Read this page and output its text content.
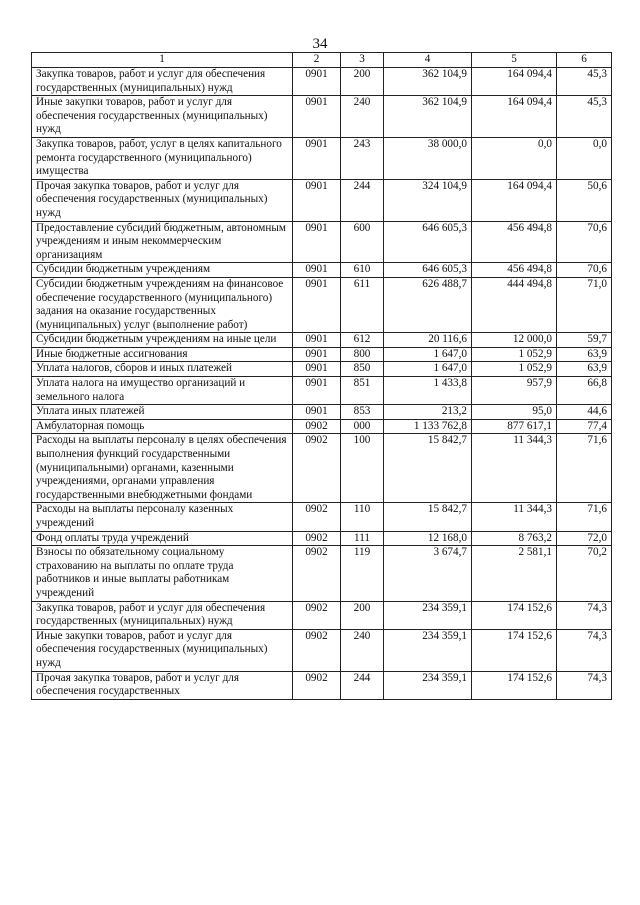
34
1	2	3	4	5	6
Закупка товаров, работ и услуг для обеспечения государственных (муниципальных) нужд	0901	200	362 104,9	164 094,4	45,3
Иные закупки товаров, работ и услуг для обеспечения государственных (муниципальных) нужд	0901	240	362 104,9	164 094,4	45,3
Закупка товаров, работ, услуг в целях капитального ремонта государственного (муниципального) имущества	0901	243	38 000,0	0,0	0,0
Прочая закупка товаров, работ и услуг для обеспечения государственных (муниципальных) нужд	0901	244	324 104,9	164 094,4	50,6
Предоставление субсидий бюджетным, автономным учреждениям и иным некоммерческим организациям	0901	600	646 605,3	456 494,8	70,6
Субсидии бюджетным учреждениям	0901	610	646 605,3	456 494,8	70,6
Субсидии бюджетным учреждениям на финансовое обеспечение государственного (муниципального) задания на оказание государственных (муниципальных) услуг (выполнение работ)	0901	611	626 488,7	444 494,8	71,0
Субсидии бюджетным учреждениям на иные цели	0901	612	20 116,6	12 000,0	59,7
Иные бюджетные ассигнования	0901	800	1 647,0	1 052,9	63,9
Уплата налогов, сборов и иных платежей	0901	850	1 647,0	1 052,9	63,9
Уплата налога на имущество организаций и земельного налога	0901	851	1 433,8	957,9	66,8
Уплата иных платежей	0901	853	213,2	95,0	44,6
Амбулаторная помощь	0902	000	1 133 762,8	877 617,1	77,4
Расходы на выплаты персоналу в целях обеспечения выполнения функций государственными (муниципальными) органами, казенными учреждениями, органами управления государственными внебюджетными фондами	0902	100	15 842,7	11 344,3	71,6
Расходы на выплаты персоналу казенных учреждений	0902	110	15 842,7	11 344,3	71,6
Фонд оплаты труда учреждений	0902	111	12 168,0	8 763,2	72,0
Взносы по обязательному социальному страхованию на выплаты по оплате труда работников и иные выплаты работникам учреждений	0902	119	3 674,7	2 581,1	70,2
Закупка товаров, работ и услуг для обеспечения государственных (муниципальных) нужд	0902	200	234 359,1	174 152,6	74,3
Иные закупки товаров, работ и услуг для обеспечения государственных (муниципальных) нужд	0902	240	234 359,1	174 152,6	74,3
Прочая закупка товаров, работ и услуг для обеспечения государственных	0902	244	234 359,1	174 152,6	74,3
